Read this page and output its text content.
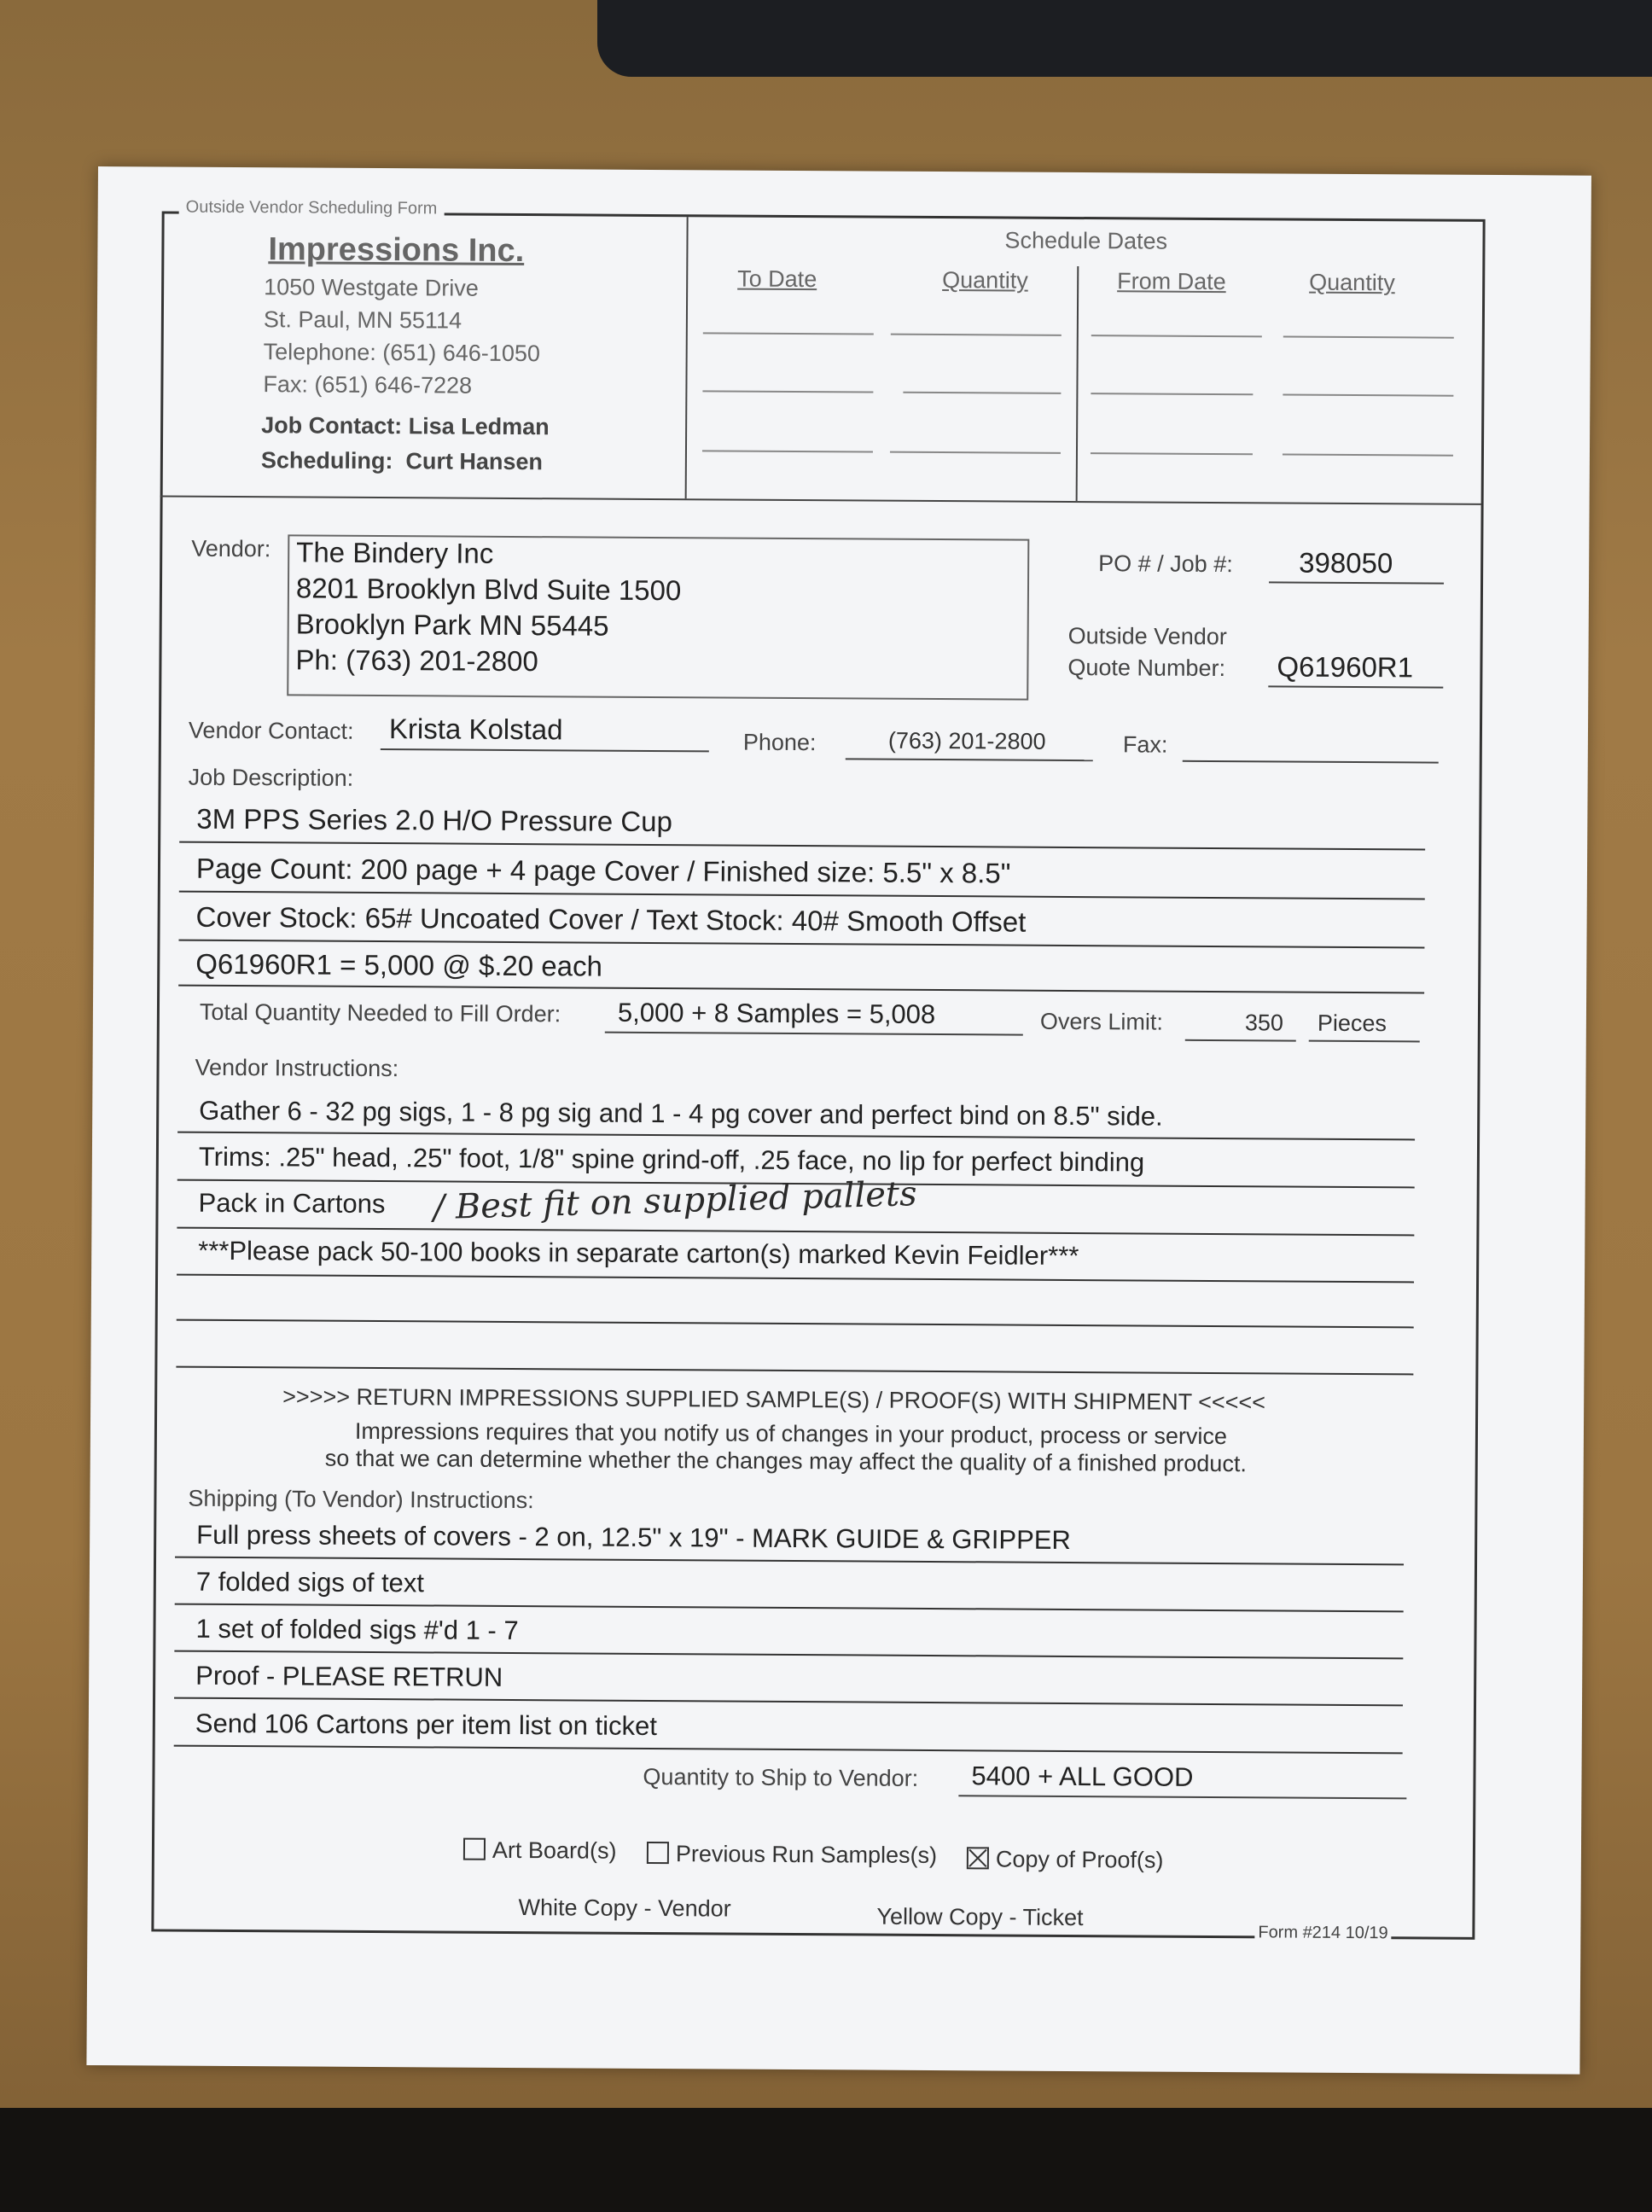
Outside Vendor Scheduling Form
Impressions Inc.
1050 Westgate Drive
St. Paul, MN 55114
Telephone: (651) 646-1050
Fax: (651) 646-7228
Job Contact: Lisa Ledman
Scheduling: Curt Hansen
Schedule Dates
To Date	Quantity	From Date	Quantity
Vendor: The Bindery Inc
8201 Brooklyn Blvd Suite 1500
Brooklyn Park MN 55445
Ph: (763) 201-2800
PO # / Job #: 398050
Outside Vendor
Quote Number: Q61960R1
Vendor Contact: Krista Kolstad	Phone:	(763) 201-2800	Fax:
Job Description:
3M PPS Series 2.0 H/O Pressure Cup
Page Count: 200 page + 4 page Cover / Finished size: 5.5" x 8.5"
Cover Stock: 65# Uncoated Cover / Text Stock: 40# Smooth Offset
Q61960R1 = 5,000 @ $.20 each
Total Quantity Needed to Fill Order: 5,000 + 8 Samples = 5,008	Overs Limit:	350 Pieces
Vendor Instructions:
Gather 6 - 32 pg sigs, 1 - 8 pg sig and 1 - 4 pg cover and perfect bind on 8.5" side.
Trims: .25" head, .25" foot, 1/8" spine grind-off, .25 face, no lip for perfect binding
Pack in Cartons / Best fit on supplied pallets
***Please pack 50-100 books in separate carton(s) marked Kevin Feidler***
>>>>> RETURN IMPRESSIONS SUPPLIED SAMPLE(S) / PROOF(S) WITH SHIPMENT <<<<<
Impressions requires that you notify us of changes in your product, process or service
so that we can determine whether the changes may affect the quality of a finished product.
Shipping (To Vendor) Instructions:
Full press sheets of covers - 2 on, 12.5" x 19" - MARK GUIDE & GRIPPER
7 folded sigs of text
1 set of folded sigs #'d 1 - 7
Proof - PLEASE RETRUN
Send 106 Cartons per item list on ticket
Quantity to Ship to Vendor: 5400 + ALL GOOD
Art Board(s)	Previous Run Samples(s)	Copy of Proof(s)
White Copy - Vendor	Yellow Copy - Ticket
Form #214 10/19
